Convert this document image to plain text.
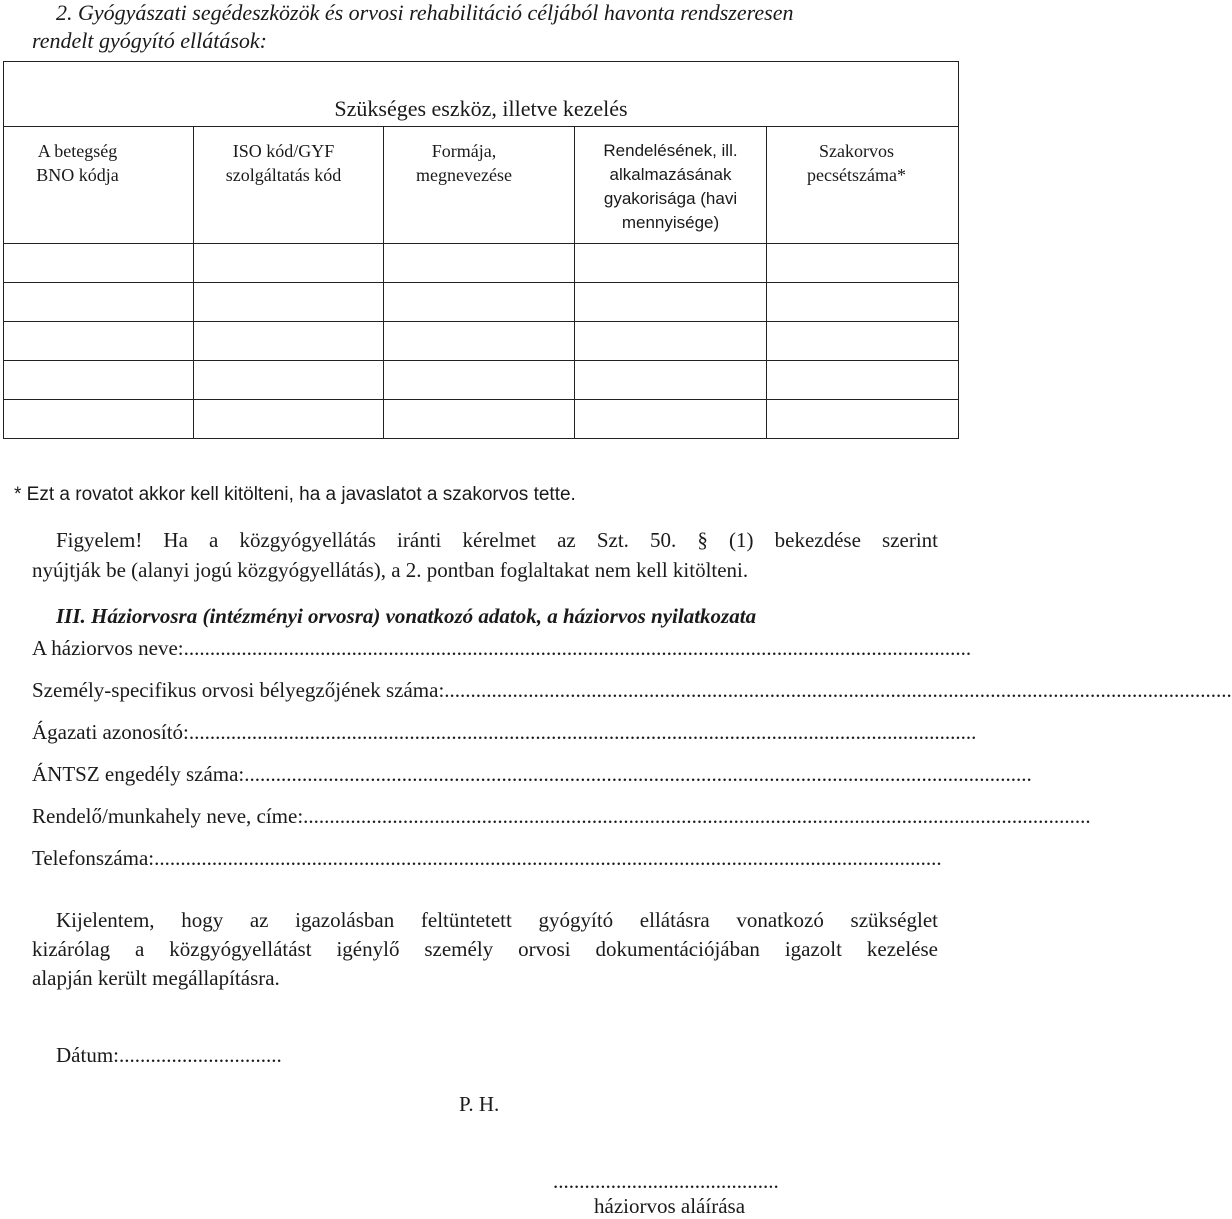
2. Gyógyászati segédeszközök és orvosi rehabilitáció céljából havonta rendszeresen
rendelt gyógyító ellátások:
Szükséges eszköz, illetve kezelés				

A betegség BNO kódja	ISO kód/GYF szolgáltatás kód	Formája, megnevezése	Rendelésének, ill. alkalmazásának gyakorisága (havi mennyisége)	Szakorvos pecsétszáma*

* Ezt a rovatot akkor kell kitölteni, ha a javaslatot a szakorvos tette.
Figyelem! Ha a közgyógyellátás iránti kérelmet az Szt. 50. § (1) bekezdése szerint
nyújtják be (alanyi jogú közgyógyellátás), a 2. pontban foglaltakat nem kell kitölteni.
III. Háziorvosra (intézményi orvosra) vonatkozó adatok, a háziorvos nyilatkozata
A háziorvos neve:......................................................................................................................................................
Személy-specifikus orvosi bélyegzőjének száma:......................................................................................................................................................
Ágazati azonosító:......................................................................................................................................................
ÁNTSZ engedély száma:......................................................................................................................................................
Rendelő/munkahely neve, címe:......................................................................................................................................................
Telefonszáma:......................................................................................................................................................
Kijelentem, hogy az igazolásban feltüntetett gyógyító ellátásra vonatkozó szükséglet
kizárólag a közgyógyellátást igénylő személy orvosi dokumentációjában igazolt kezelése
alapján került megállapításra.
Dátum:...............................
P. H.
...........................................
háziorvos aláírása
